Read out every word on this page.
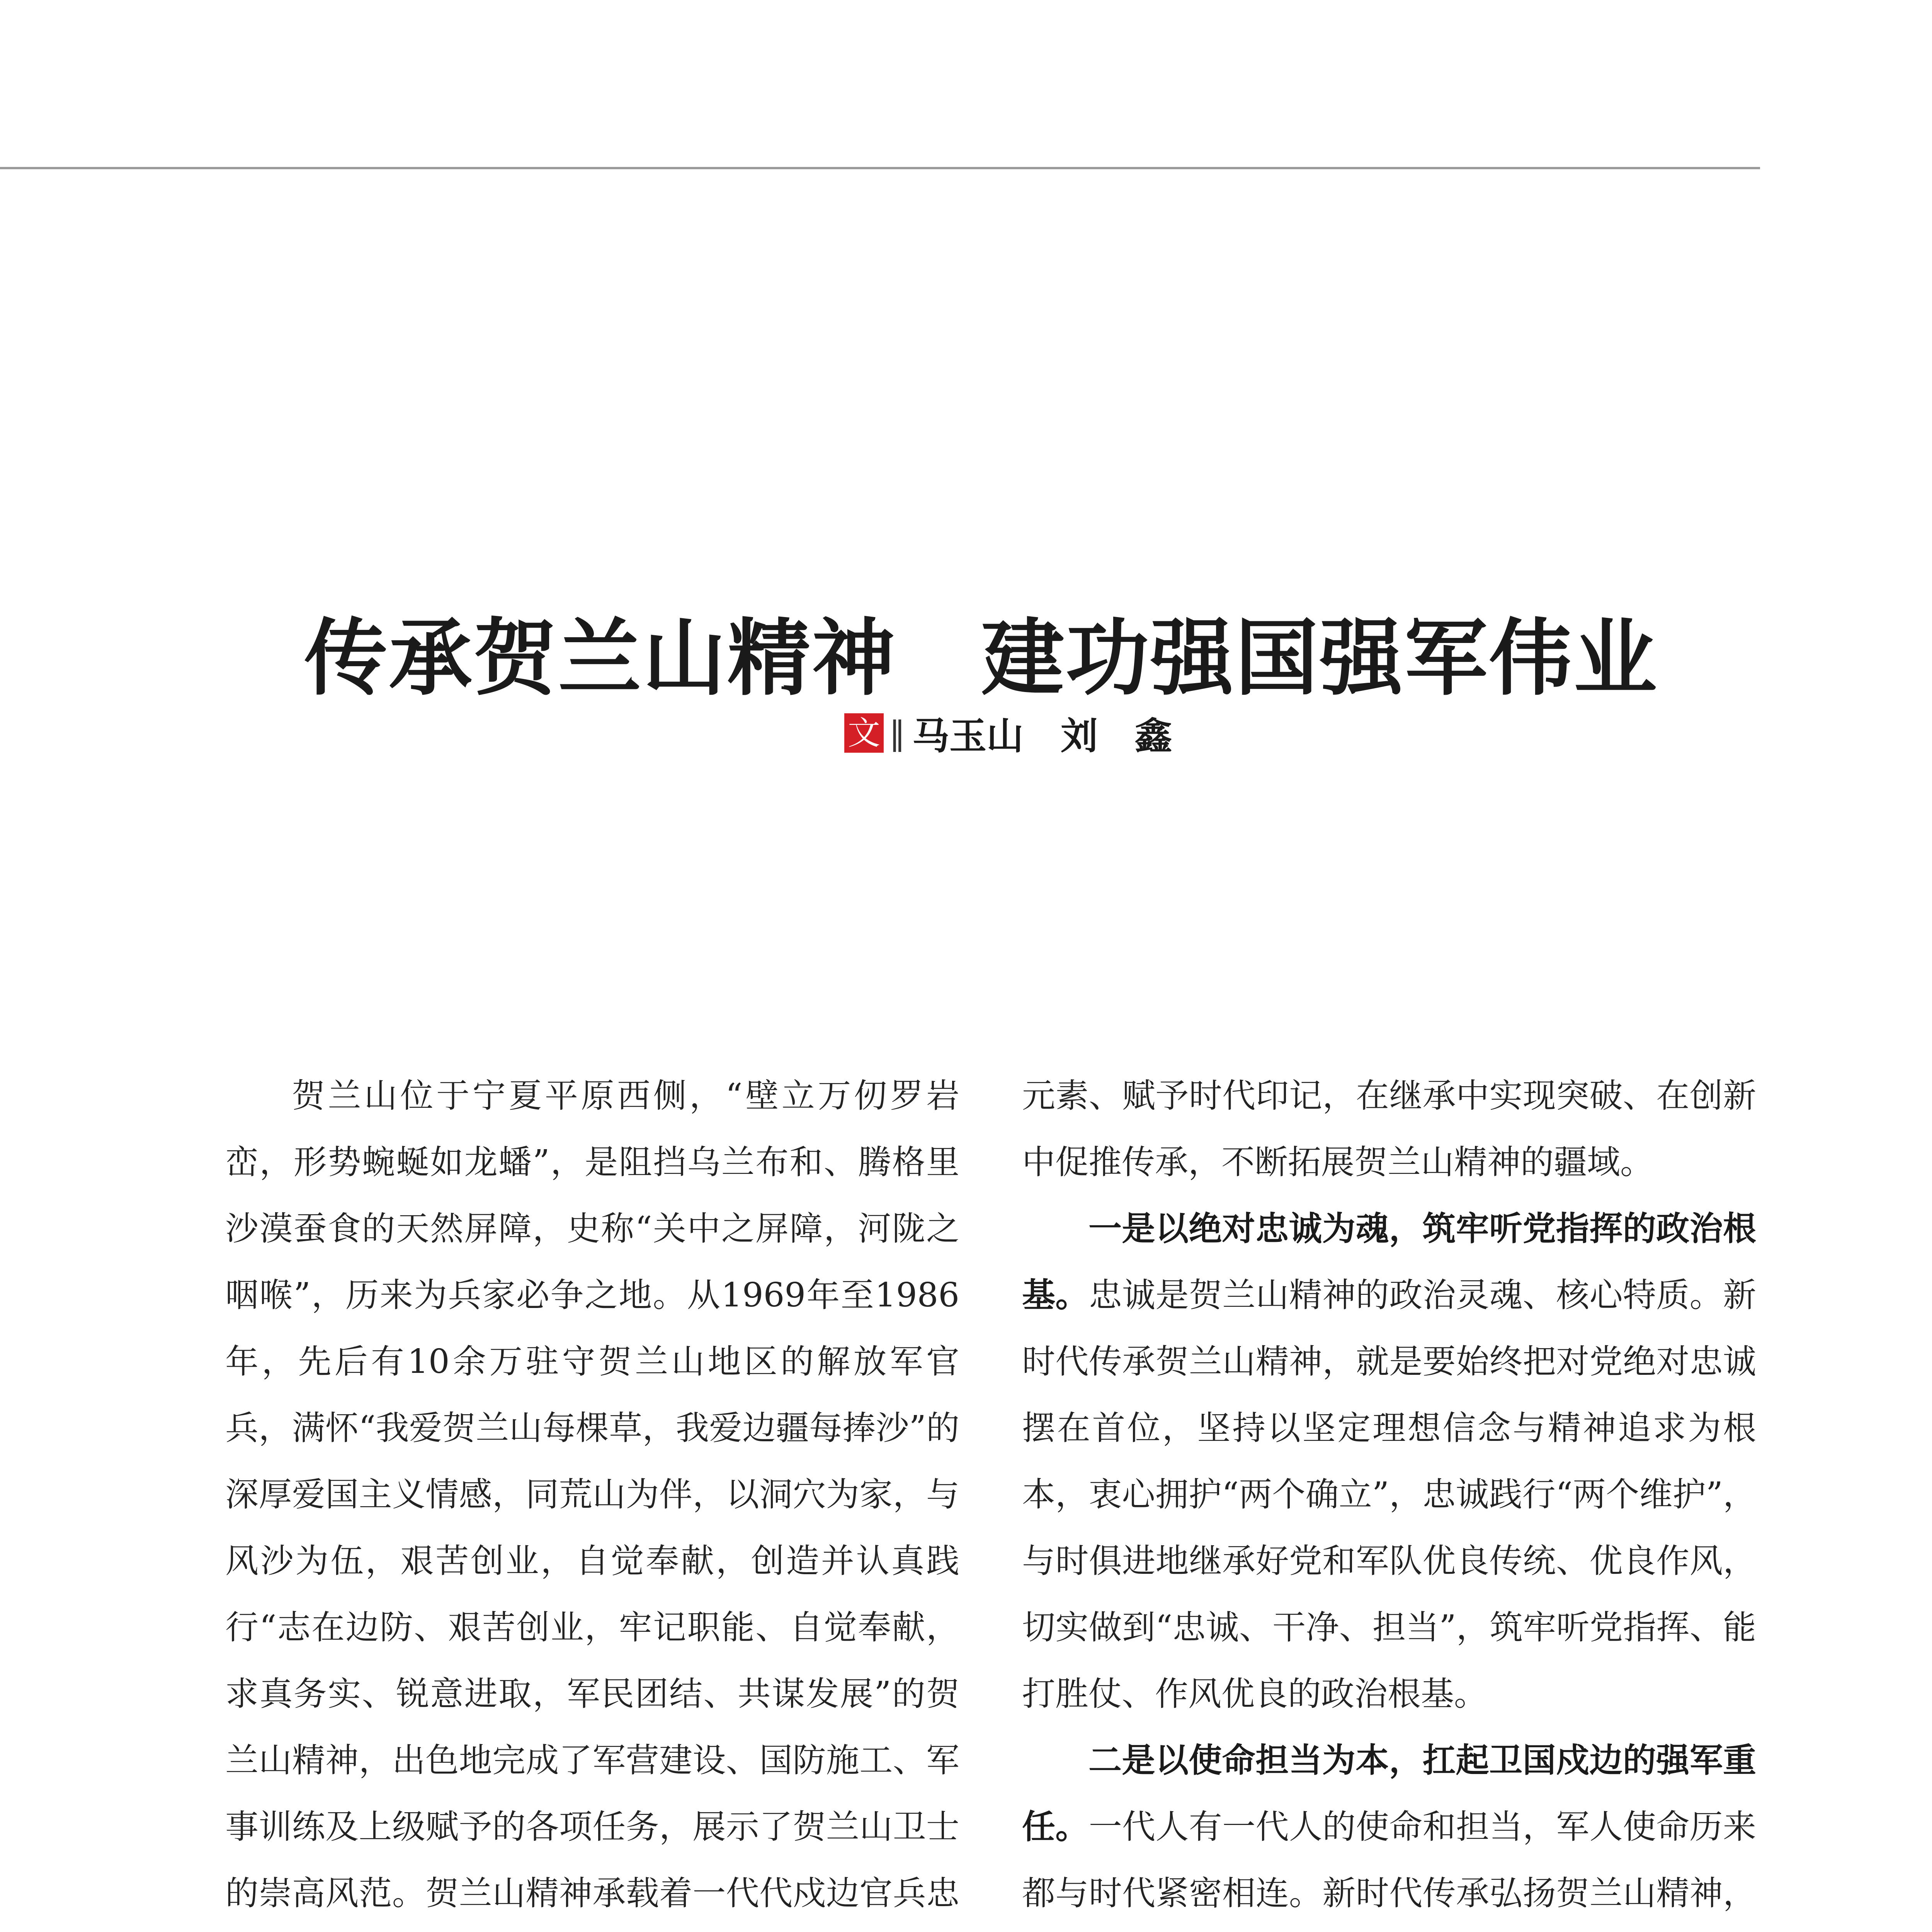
传承贺兰山精神　建功强国强军伟业
文 ‖ 马玉山　刘　鑫

贺兰山位于宁夏平原西侧，“壁立万仞罗岩峦，形势蜿蜒如龙蟠”，是阻挡乌兰布和、腾格里沙漠蚕食的天然屏障，史称“关中之屏障，河陇之咽喉”，历来为兵家必争之地。从1969年至1986年，先后有10余万驻守贺兰山地区的解放军官兵，满怀“我爱贺兰山每棵草，我爱边疆每捧沙”的深厚爱国主义情感，同荒山为伴，以洞穴为家，与风沙为伍，艰苦创业，自觉奉献，创造并认真践行“志在边防、艰苦创业，牢记职能、自觉奉献，求真务实、锐意进取，军民团结、共谋发展”的贺兰山精神，出色地完成了军营建设、国防施工、军事训练及上级赋予的各项任务，展示了贺兰山卫士的崇高风范。贺兰山精神承载着一代代戍边官兵忠

元素、赋予时代印记，在继承中实现突破、在创新中促推传承，不断拓展贺兰山精神的疆域。

一是以绝对忠诚为魂，筑牢听党指挥的政治根基。忠诚是贺兰山精神的政治灵魂、核心特质。新时代传承贺兰山精神，就是要始终把对党绝对忠诚摆在首位，坚持以坚定理想信念与精神追求为根本，衷心拥护“两个确立”，忠诚践行“两个维护”，与时俱进地继承好党和军队优良传统、优良作风，切实做到“忠诚、干净、担当”，筑牢听党指挥、能打胜仗、作风优良的政治根基。

二是以使命担当为本，扛起卫国戍边的强军重任。一代人有一代人的使命和担当，军人使命历来都与时代紧密相连。新时代传承弘扬贺兰山精神，
